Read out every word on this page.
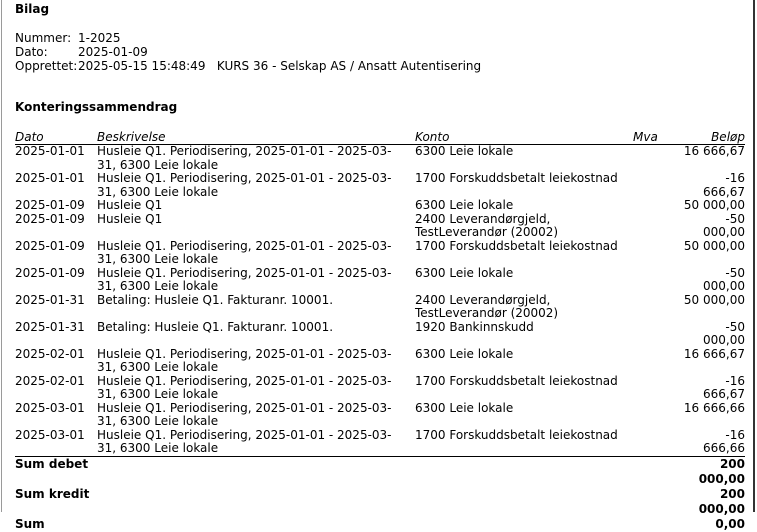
Bilag
Nummer: 1-2025
Dato:	2025-01-09
Opprettet: 2025-05-15 15:48:49   KURS 36 - Selskap AS / Ansatt Autentisering
Konteringssammendrag
Dato	Beskrivelse	Konto	Mva	Beløp
2025-01-01	Husleie Q1. Periodisering, 2025-01-01 - 2025-03-31, 6300 Leie lokale	6300 Leie lokale		16 666,67
2025-01-01	Husleie Q1. Periodisering, 2025-01-01 - 2025-03-31, 6300 Leie lokale	1700 Forskuddsbetalt leiekostnad		-16 666,67
2025-01-09	Husleie Q1	6300 Leie lokale		50 000,00
2025-01-09	Husleie Q1	2400 Leverandørgjeld, TestLeverandør (20002)		-50 000,00
2025-01-09	Husleie Q1. Periodisering, 2025-01-01 - 2025-03-31, 6300 Leie lokale	1700 Forskuddsbetalt leiekostnad		50 000,00
2025-01-09	Husleie Q1. Periodisering, 2025-01-01 - 2025-03-31, 6300 Leie lokale	6300 Leie lokale		-50 000,00
2025-01-31	Betaling: Husleie Q1. Fakturanr. 10001.	2400 Leverandørgjeld, TestLeverandør (20002)		50 000,00
2025-01-31	Betaling: Husleie Q1. Fakturanr. 10001.	1920 Bankinnskudd		-50 000,00
2025-02-01	Husleie Q1. Periodisering, 2025-01-01 - 2025-03-31, 6300 Leie lokale	6300 Leie lokale		16 666,67
2025-02-01	Husleie Q1. Periodisering, 2025-01-01 - 2025-03-31, 6300 Leie lokale	1700 Forskuddsbetalt leiekostnad		-16 666,67
2025-03-01	Husleie Q1. Periodisering, 2025-01-01 - 2025-03-31, 6300 Leie lokale	6300 Leie lokale		16 666,66
2025-03-01	Husleie Q1. Periodisering, 2025-01-01 - 2025-03-31, 6300 Leie lokale	1700 Forskuddsbetalt leiekostnad		-16 666,66
Sum debet				200 000,00
Sum kredit				200 000,00
Sum				0,00
